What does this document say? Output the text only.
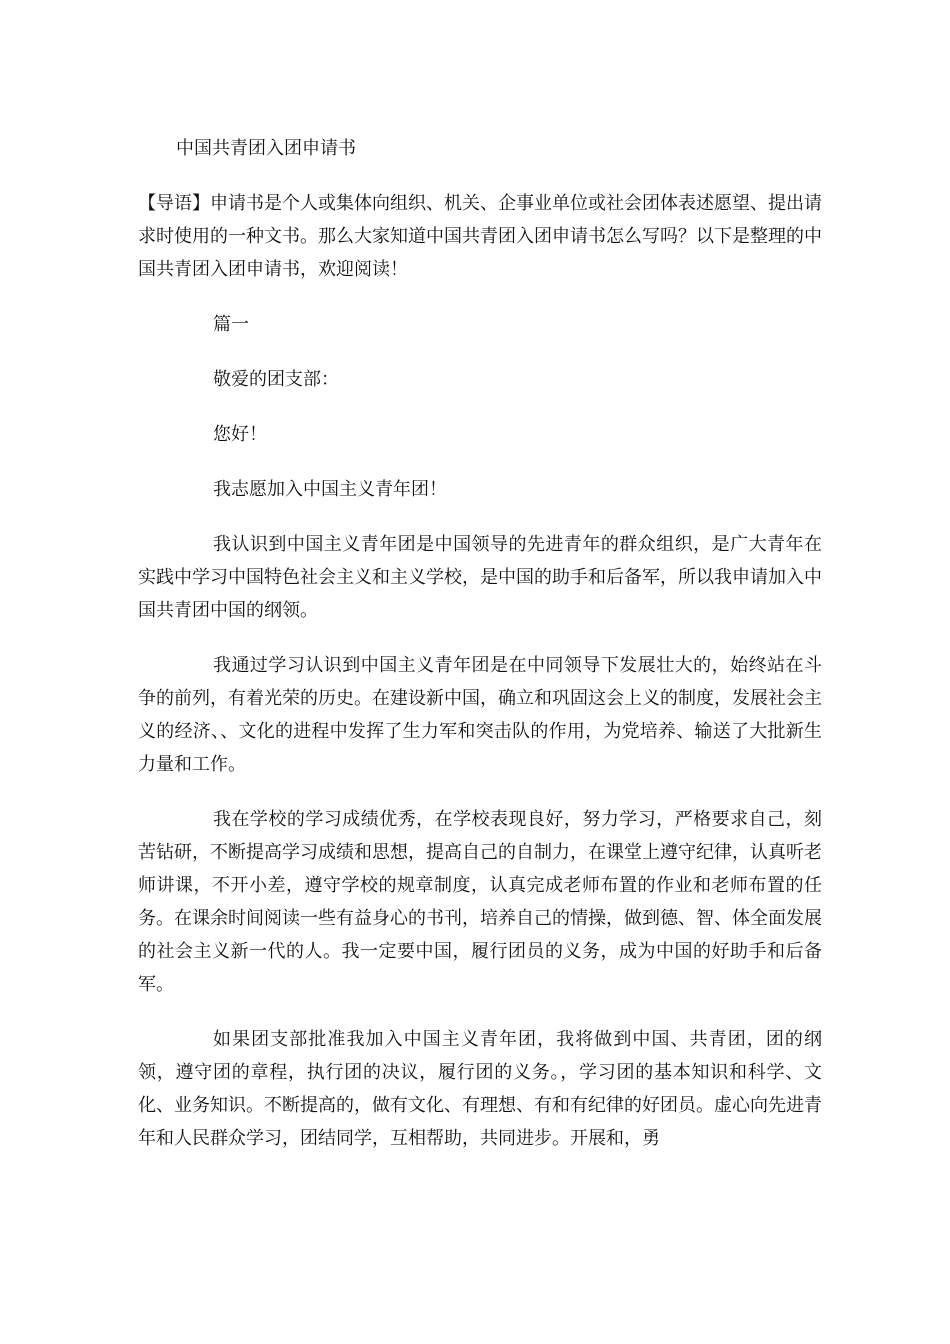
中国共青团入团申请书

【导语】申请书是个人或集体向组织、机关、企事业单位或社会团体表述愿望、提出请求时使用的一种文书。那么大家知道中国共青团入团申请书怎么写吗？以下是整理的中国共青团入团申请书，欢迎阅读！

篇一

敬爱的团支部：

您好！

我志愿加入中国主义青年团！

我认识到中国主义青年团是中国领导的先进青年的群众组织，是广大青年在实践中学习中国特色社会主义和主义学校，是中国的助手和后备军，所以我申请加入中国共青团中国的纲领。

我通过学习认识到中国主义青年团是在中同领导下发展壮大的，始终站在斗争的前列，有着光荣的历史。在建设新中国，确立和巩固这会上义的制度，发展社会主义的经济、、文化的进程中发挥了生力军和突击队的作用，为党培养、输送了大批新生力量和工作。

我在学校的学习成绩优秀，在学校表现良好，努力学习，严格要求自己，刻苦钻研，不断提高学习成绩和思想，提高自己的自制力，在课堂上遵守纪律，认真听老师讲课，不开小差，遵守学校的规章制度，认真完成老师布置的作业和老师布置的任务。在课余时间阅读一些有益身心的书刊，培养自己的情操，做到德、智、体全面发展的社会主义新一代的人。我一定要中国，履行团员的义务，成为中国的好助手和后备军。

如果团支部批准我加入中国主义青年团，我将做到中国、共青团，团的纲领，遵守团的章程，执行团的决议，履行团的义务。，学习团的基本知识和科学、文化、业务知识。不断提高的，做有文化、有理想、有和有纪律的好团员。虚心向先进青年和人民群众学习，团结同学，互相帮助，共同进步。开展和，勇
